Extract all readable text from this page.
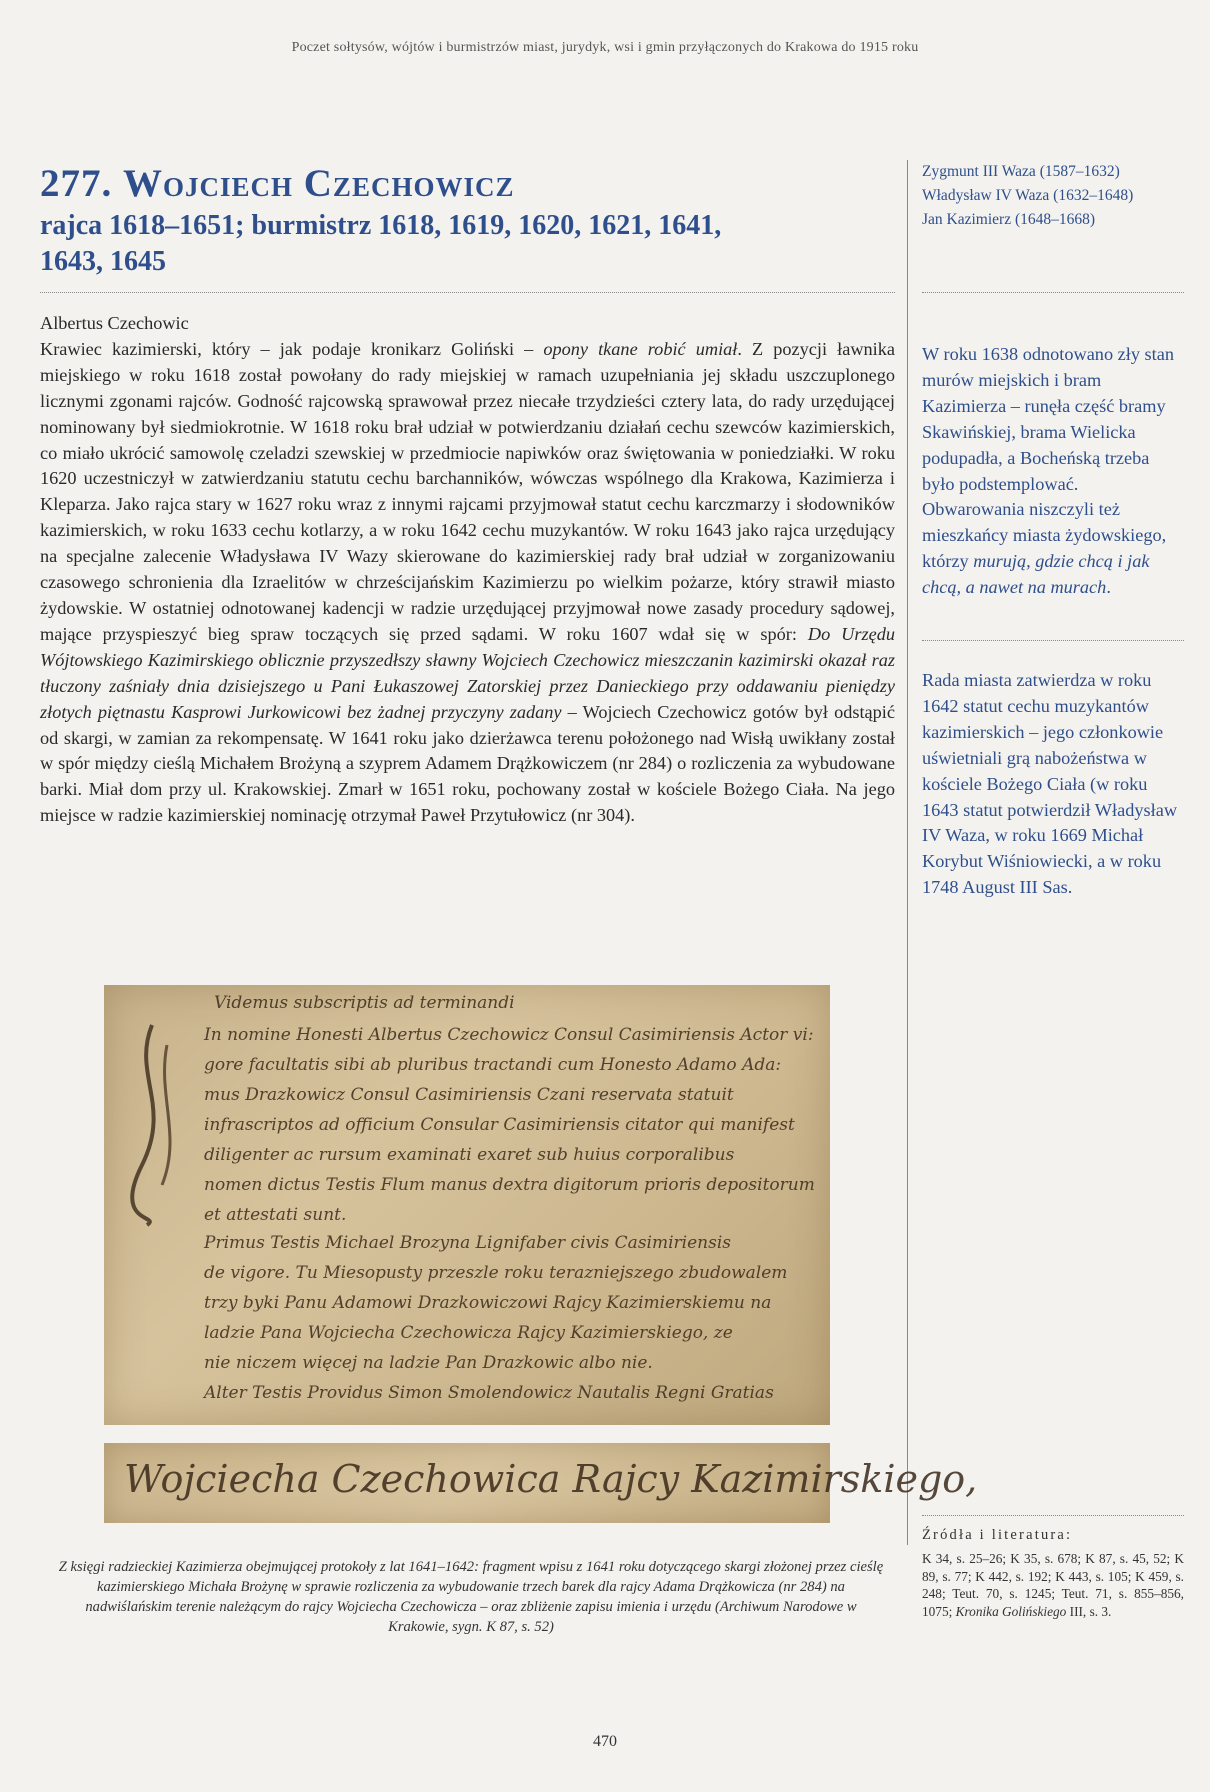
Poczet sołtysów, wójtów i burmistrzów miast, jurydyk, wsi i gmin przyłączonych do Krakowa do 1915 roku
277. Wojciech Czechowicz
rajca 1618–1651; burmistrz 1618, 1619, 1620, 1621, 1641,
1643, 1645
Zygmunt III Waza (1587–1632)
Władysław IV Waza (1632–1648)
Jan Kazimierz (1648–1668)
Albertus Czechowic

Krawiec kazimierski, który – jak podaje kronikarz Goliński – opony tkane robić umiał. Z pozycji ławnika miejskiego w roku 1618 został powołany do rady miejskiej w ramach uzupełniania jej składu uszczuplonego licznymi zgonami rajców. Godność rajcowską sprawował przez niecałe trzydzieści cztery lata, do rady urzędującej nominowany był siedmiokrotnie. W 1618 roku brał udział w potwierdzaniu działań cechu szewców kazimierskich, co miało ukrócić samowolę czeladzi szewskiej w przedmiocie napiwków oraz świętowania w poniedziałki. W roku 1620 uczestniczył w zatwierdzaniu statutu cechu barchanników, wówczas wspólnego dla Krakowa, Kazimierza i Kleparza. Jako rajca stary w 1627 roku wraz z innymi rajcami przyjmował statut cechu karczmarzy i słodowników kazimierskich, w roku 1633 cechu kotlarzy, a w roku 1642 cechu muzykantów. W roku 1643 jako rajca urzędujący na specjalne zalecenie Władysława IV Wazy skierowane do kazimierskiej rady brał udział w zorganizowaniu czasowego schronienia dla Izraelitów w chrześcijańskim Kazimierzu po wielkim pożarze, który strawił miasto żydowskie. W ostatniej odnotowanej kadencji w radzie urzędującej przyjmował nowe zasady procedury sądowej, mające przyspieszyć bieg spraw toczących się przed sądami. W roku 1607 wdał się w spór: Do Urzędu Wójtowskiego Kazimirskiego oblicznie przyszedłszy sławny Wojciech Czechowicz mieszczanin kazimirski okazał raz tłuczony zaśniały dnia dzisiejszego u Pani Łukaszowej Zatorskiej przez Danieckiego przy oddawaniu pieniędzy złotych piętnastu Kasprowi Jurkowicowi bez żadnej przyczyny zadany – Wojciech Czechowicz gotów był odstąpić od skargi, w zamian za rekompensatę. W 1641 roku jako dzierżawca terenu położonego nad Wisłą uwikłany został w spór między cieślą Michałem Brożyną a szyprem Adamem Drążkowiczem (nr 284) o rozliczenia za wybudowane barki. Miał dom przy ul. Krakowskiej. Zmarł w 1651 roku, pochowany został w kościele Bożego Ciała. Na jego miejsce w radzie kazimierskiej nominację otrzymał Paweł Przytułowicz (nr 304).

W roku 1638 odnotowano zły stan murów miejskich i bram Kazimierza – runęła część bramy Skawińskiej, brama Wielicka podupadła, a Bocheńską trzeba było podstemplować. Obwarowania niszczyli też mieszkańcy miasta żydowskiego, którzy murują, gdzie chcą i jak chcą, a nawet na murach.
Rada miasta zatwierdza w roku 1642 statut cechu muzykantów kazimierskich – jego członkowie uświetniali grą nabożeństwa w kościele Bożego Ciała (w roku 1643 statut potwierdził Władysław IV Waza, w roku 1669 Michał Korybut Wiśniowiecki, a w roku 1748 August III Sas.
Videmus subscriptis ad terminandi
In nomine Honesti Albertus Czechowicz Consul Casimiriensis Actor vi:
gore facultatis sibi ab pluribus tractandi cum Honesto Adamo Ada:
mus Drazkowicz Consul Casimiriensis Czani reservata statuit
infrascriptos ad officium Consular Casimiriensis citator qui manifest
diligenter ac rursum examinati exaret sub huius corporalibus
nomen dictus Testis Flum manus dextra digitorum prioris depositorum
et attestati sunt.
Primus Testis Michael Brozyna Lignifaber civis Casimiriensis
de vigore. Tu Miesopusty przeszle roku terazniejszego zbudowalem
trzy byki Panu Adamowi Drazkowiczowi Rajcy Kazimierskiemu na
ladzie Pana Wojciecha Czechowicza Rajcy Kazimierskiego, ze
nie niczem więcej na ladzie Pan Drazkowic albo nie.
Alter Testis Providus Simon Smolendowicz Nautalis Regni Gratias
Wojciecha Czechowica Rajcy Kazimirskiego,
Z księgi radzieckiej Kazimierza obejmującej protokoły z lat 1641–1642: fragment wpisu z 1641 roku dotyczącego skargi złożonej przez cieślę kazimierskiego Michała Brożynę w sprawie rozliczenia za wybudowanie trzech barek dla rajcy Adama Drążkowicza (nr 284) na nadwiślańskim terenie należącym do rajcy Wojciecha Czechowicza – oraz zbliżenie zapisu imienia i urzędu (Archiwum Narodowe w Krakowie, sygn. K 87, s. 52)
Źródła i literatura:
K 34, s. 25–26; K 35, s. 678; K 87, s. 45, 52; K 89, s. 77; K 442, s. 192; K 443, s. 105; K 459, s. 248; Teut. 70, s. 1245; Teut. 71, s. 855–856, 1075; Kronika Golińskiego III, s. 3.
470
